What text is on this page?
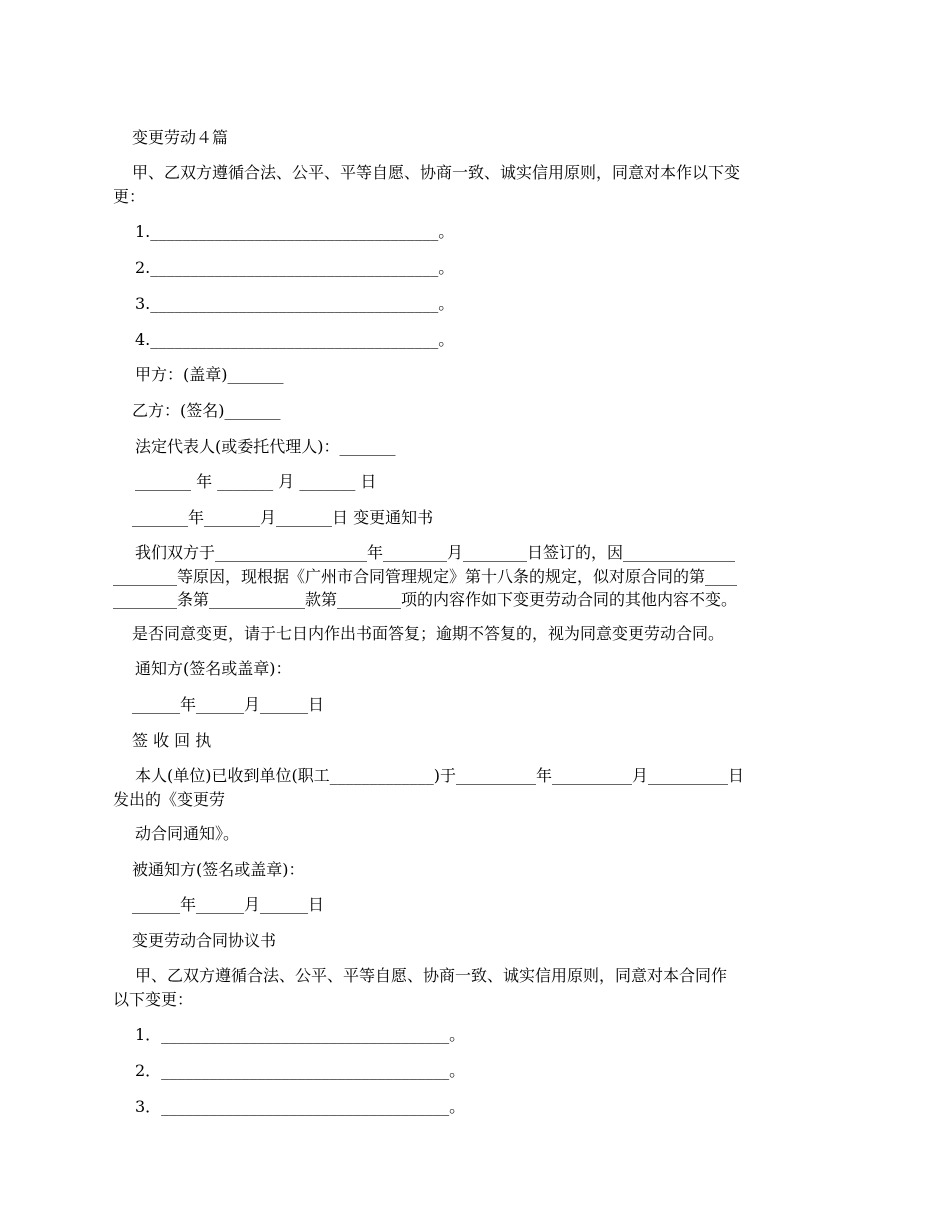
变更劳动４篇
甲、乙双方遵循合法、公平、平等自愿、协商一致、诚实信用原则，同意对本作以下变
更：
1.____________________________________。
2.____________________________________。
3.____________________________________。
4.____________________________________。
甲方：(盖章)_______
乙方：(签名)_______
法定代表人(或委托代理人)：_______
_______ 年 _______ 月 _______ 日
_______年_______月_______日 变更通知书
我们双方于___________________年________月________日签订的，因______________
________等原因，现根据《广州市合同管理规定》第十八条的规定，似对原合同的第____
________条第____________款第________项的内容作如下变更劳动合同的其他内容不变。
是否同意变更，请于七日内作出书面答复；逾期不答复的，视为同意变更劳动合同。
通知方(签名或盖章)：
______年______月______日
签 收 回 执
本人(单位)已收到单位(职工_____________)于__________年__________月__________日
发出的《变更劳
动合同通知》。
被通知方(签名或盖章)：
______年______月______日
变更劳动合同协议书
甲、乙双方遵循合法、公平、平等自愿、协商一致、诚实信用原则，同意对本合同作
以下变更：
1．____________________________________。
2．____________________________________。
3．____________________________________。
